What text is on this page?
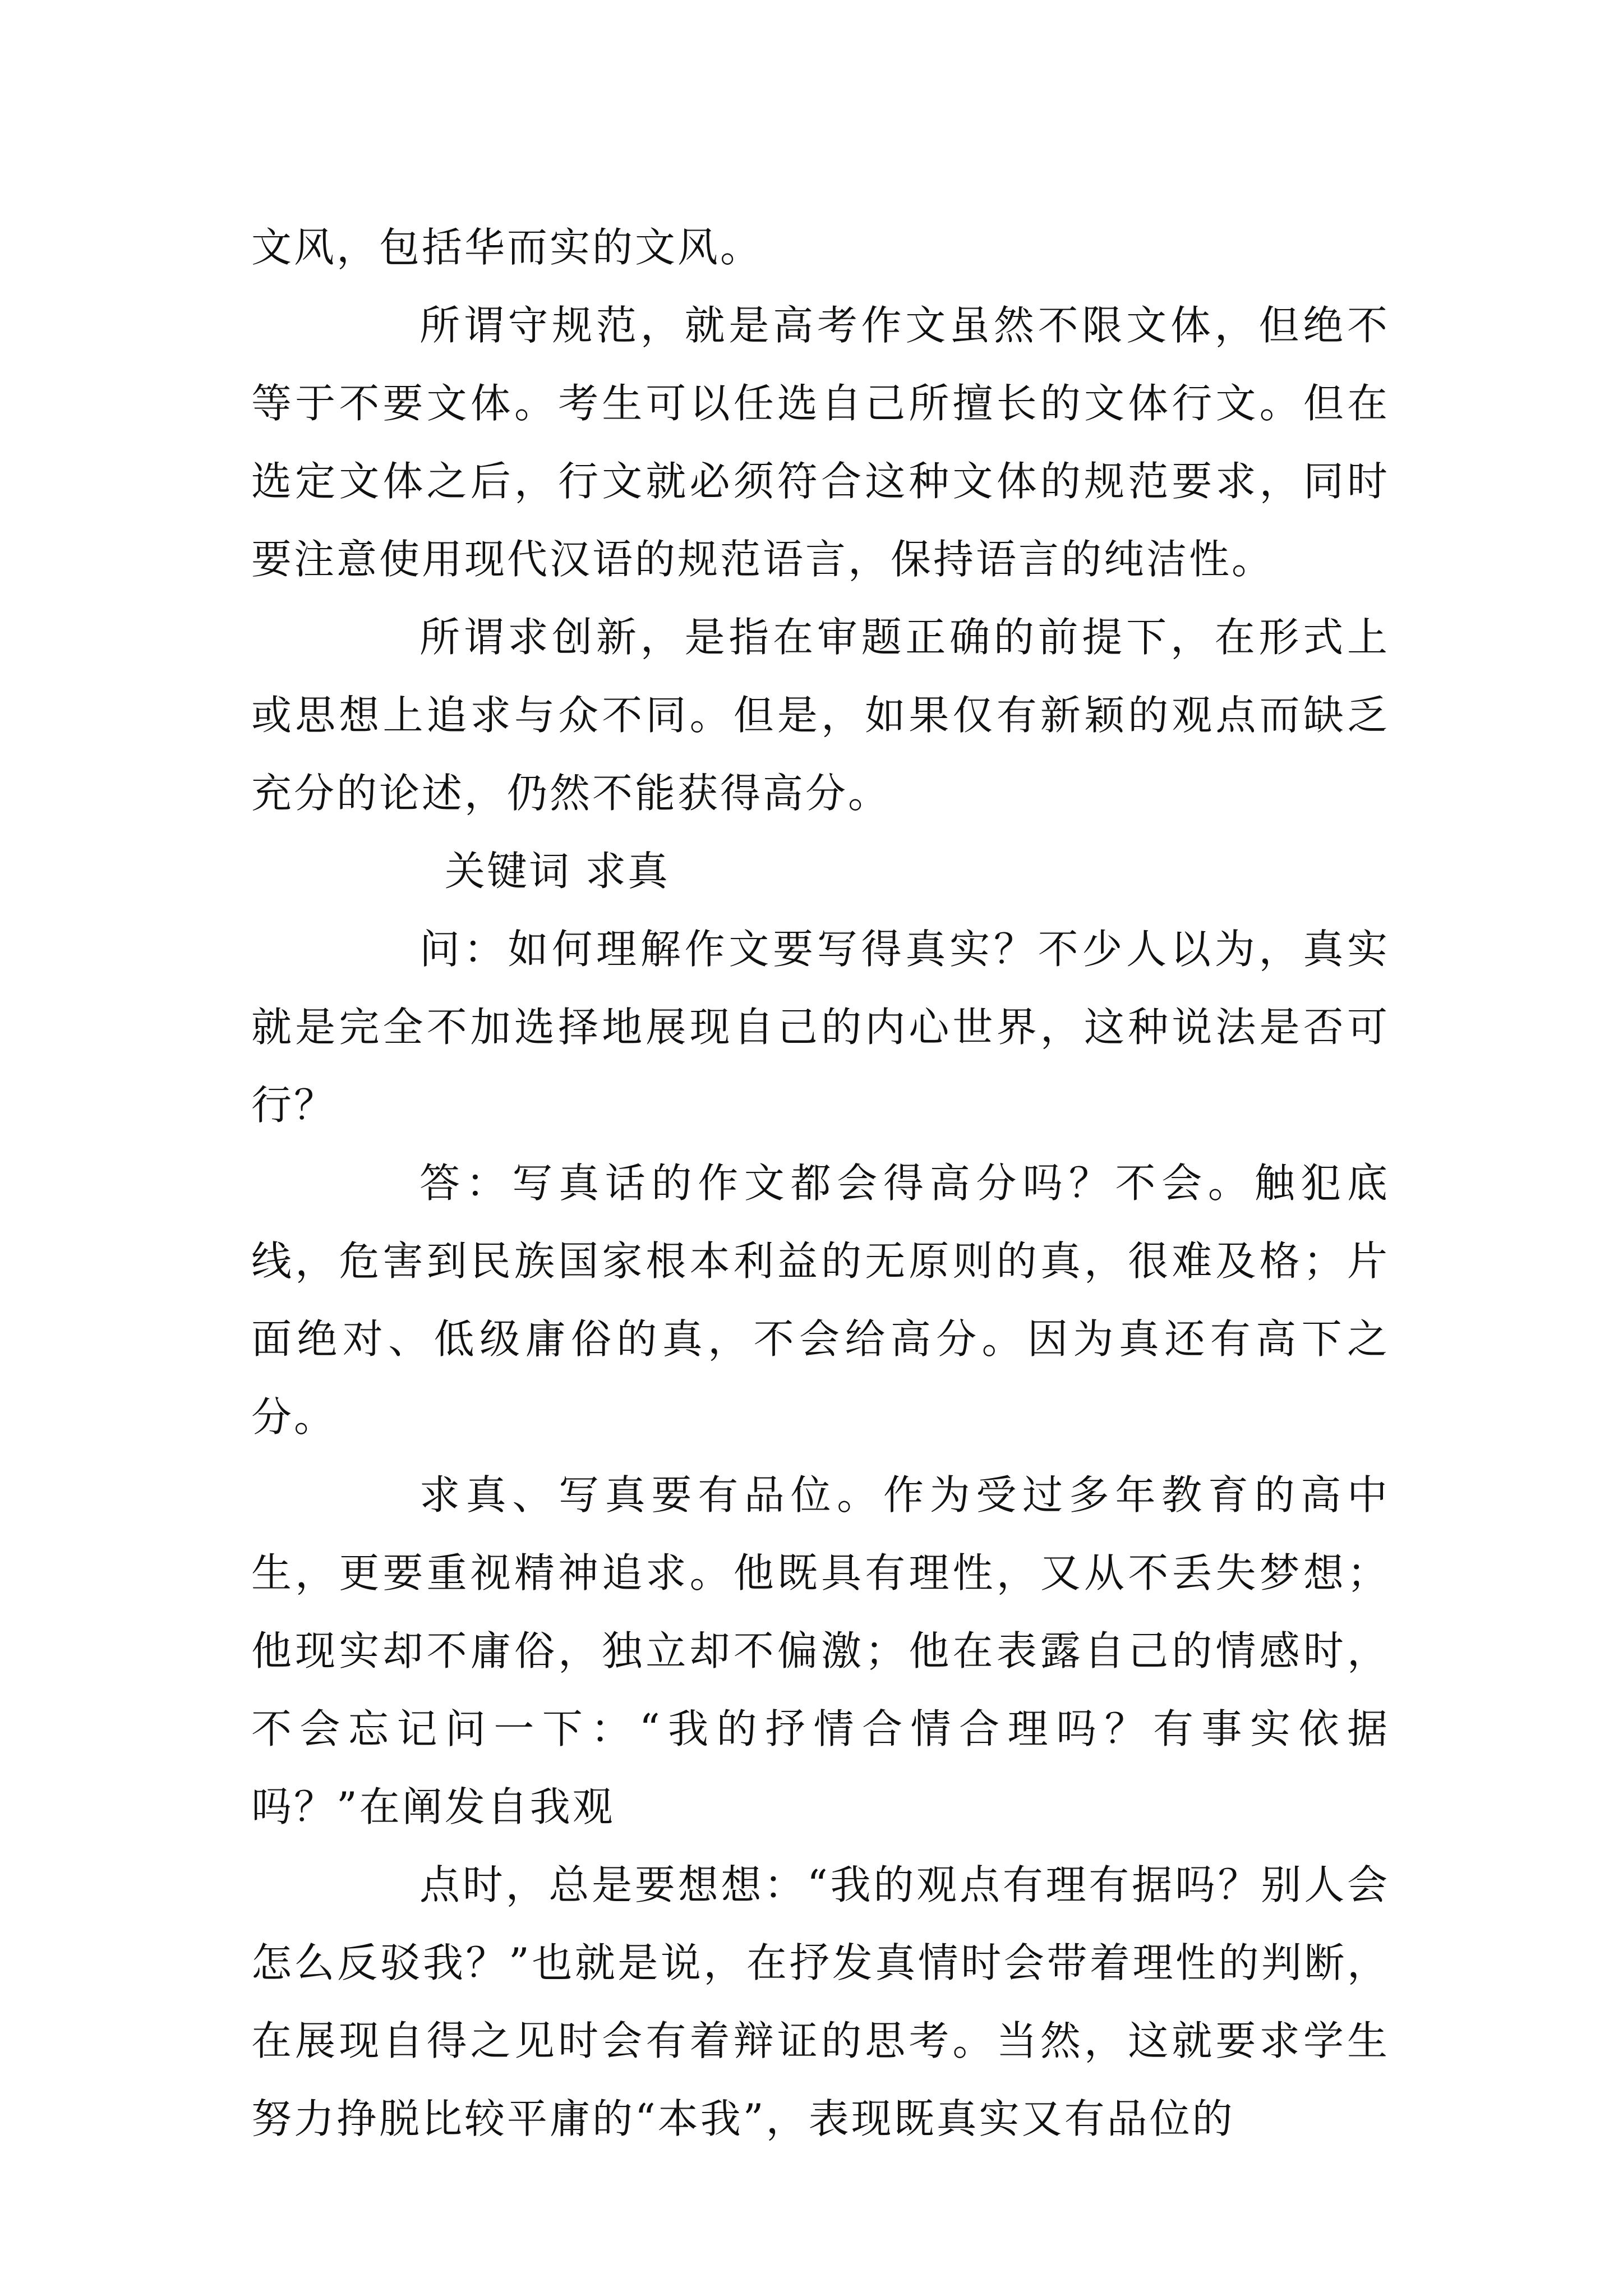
文风，包括华而实的文风。

所谓守规范，就是高考作文虽然不限文体，但绝不等于不要文体。考生可以任选自己所擅长的文体行文。但在选定文体之后，行文就必须符合这种文体的规范要求，同时要注意使用现代汉语的规范语言，保持语言的纯洁性。

所谓求创新，是指在审题正确的前提下，在形式上或思想上追求与众不同。但是，如果仅有新颖的观点而缺乏充分的论述，仍然不能获得高分。

关键词 求真

问：如何理解作文要写得真实？不少人以为，真实就是完全不加选择地展现自己的内心世界，这种说法是否可行？

答：写真话的作文都会得高分吗？不会。触犯底线，危害到民族国家根本利益的无原则的真，很难及格；片面绝对、低级庸俗的真，不会给高分。因为真还有高下之分。

求真、写真要有品位。作为受过多年教育的高中生，更要重视精神追求。他既具有理性，又从不丢失梦想；他现实却不庸俗，独立却不偏激；他在表露自己的情感时，不会忘记问一下：“我的抒情合情合理吗？有事实依据吗？”在阐发自我观

点时，总是要想想：“我的观点有理有据吗？别人会怎么反驳我？”也就是说，在抒发真情时会带着理性的判断，在展现自得之见时会有着辩证的思考。当然，这就要求学生努力挣脱比较平庸的“本我”，表现既真实又有品位的
